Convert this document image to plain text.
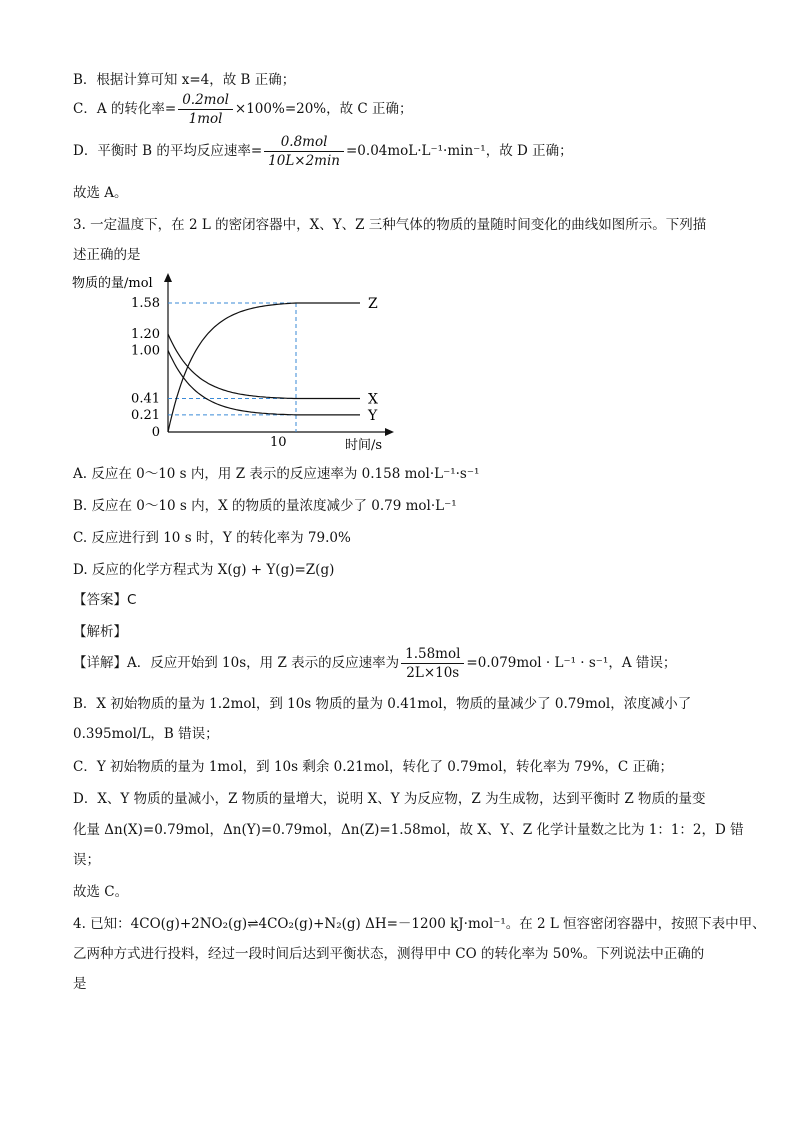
B．根据计算可知 x=4，故 B 正确；
C．A 的转化率= $\frac{\text{0.2mol}}{\text{1mol}} \times 100\%=20\%$，故 C 正确；
D．平衡时 B 的平均反应速率= $\frac{\text{0.8mol}}{10L\times 2\min} =0.04moL\cdot L^{-1}\cdot\min^{-1}$，故 D 正确；
故选 A。
3. 一定温度下，在 2 L 的密闭容器中，X、Y、Z 三种气体的物质的量随时间变化的曲线如图所示。下列描
述正确的是
物质的量/mol
1.58
1.20
1.00
0.41
0.21
0
Z
X
Y
10	时间/s
A. 反应在 0～10 s 内，用 Z 表示的反应速率为 0.158 mol·L⁻¹·s⁻¹
B. 反应在 0～10 s 内，X 的物质的量浓度减少了 0.79 mol·L⁻¹
C. 反应进行到 10 s 时，Y 的转化率为 79.0%
D. 反应的化学方程式为 X(g) + Y(g)=Z(g)
【答案】C
【解析】
【详解】A．反应开始到 10s，用 Z 表示的反应速率为 $\frac{\text{1.58mol}}{2L\times 10s} =0.079mol \cdot L^{-1} \cdot s^{-1}$，A 错误；
B．X 初始物质的量为 1.2mol，到 10s 物质的量为 0.41mol，物质的量减少了 0.79mol，浓度减小了
0.395mol/L，B 错误；
C．Y 初始物质的量为 1mol，到 10s 剩余 0.21mol，转化了 0.79mol，转化率为 79%，C 正确；
D．X、Y 物质的量减小，Z 物质的量增大，说明 X、Y 为反应物，Z 为生成物，达到平衡时 Z 物质的量变
化量 Δn(X)=0.79mol，Δn(Y)=0.79mol，Δn(Z)=1.58mol，故 X、Y、Z 化学计量数之比为 1：1：2，D 错
误；
故选 C。
4. 已知：4CO(g)+2NO₂(g)⇌4CO₂(g)+N₂(g) ΔH=－1200 kJ·mol⁻¹。在 2 L 恒容密闭容器中，按照下表中甲、
乙两种方式进行投料，经过一段时间后达到平衡状态，测得甲中 CO 的转化率为 50%。下列说法中正确的
是
